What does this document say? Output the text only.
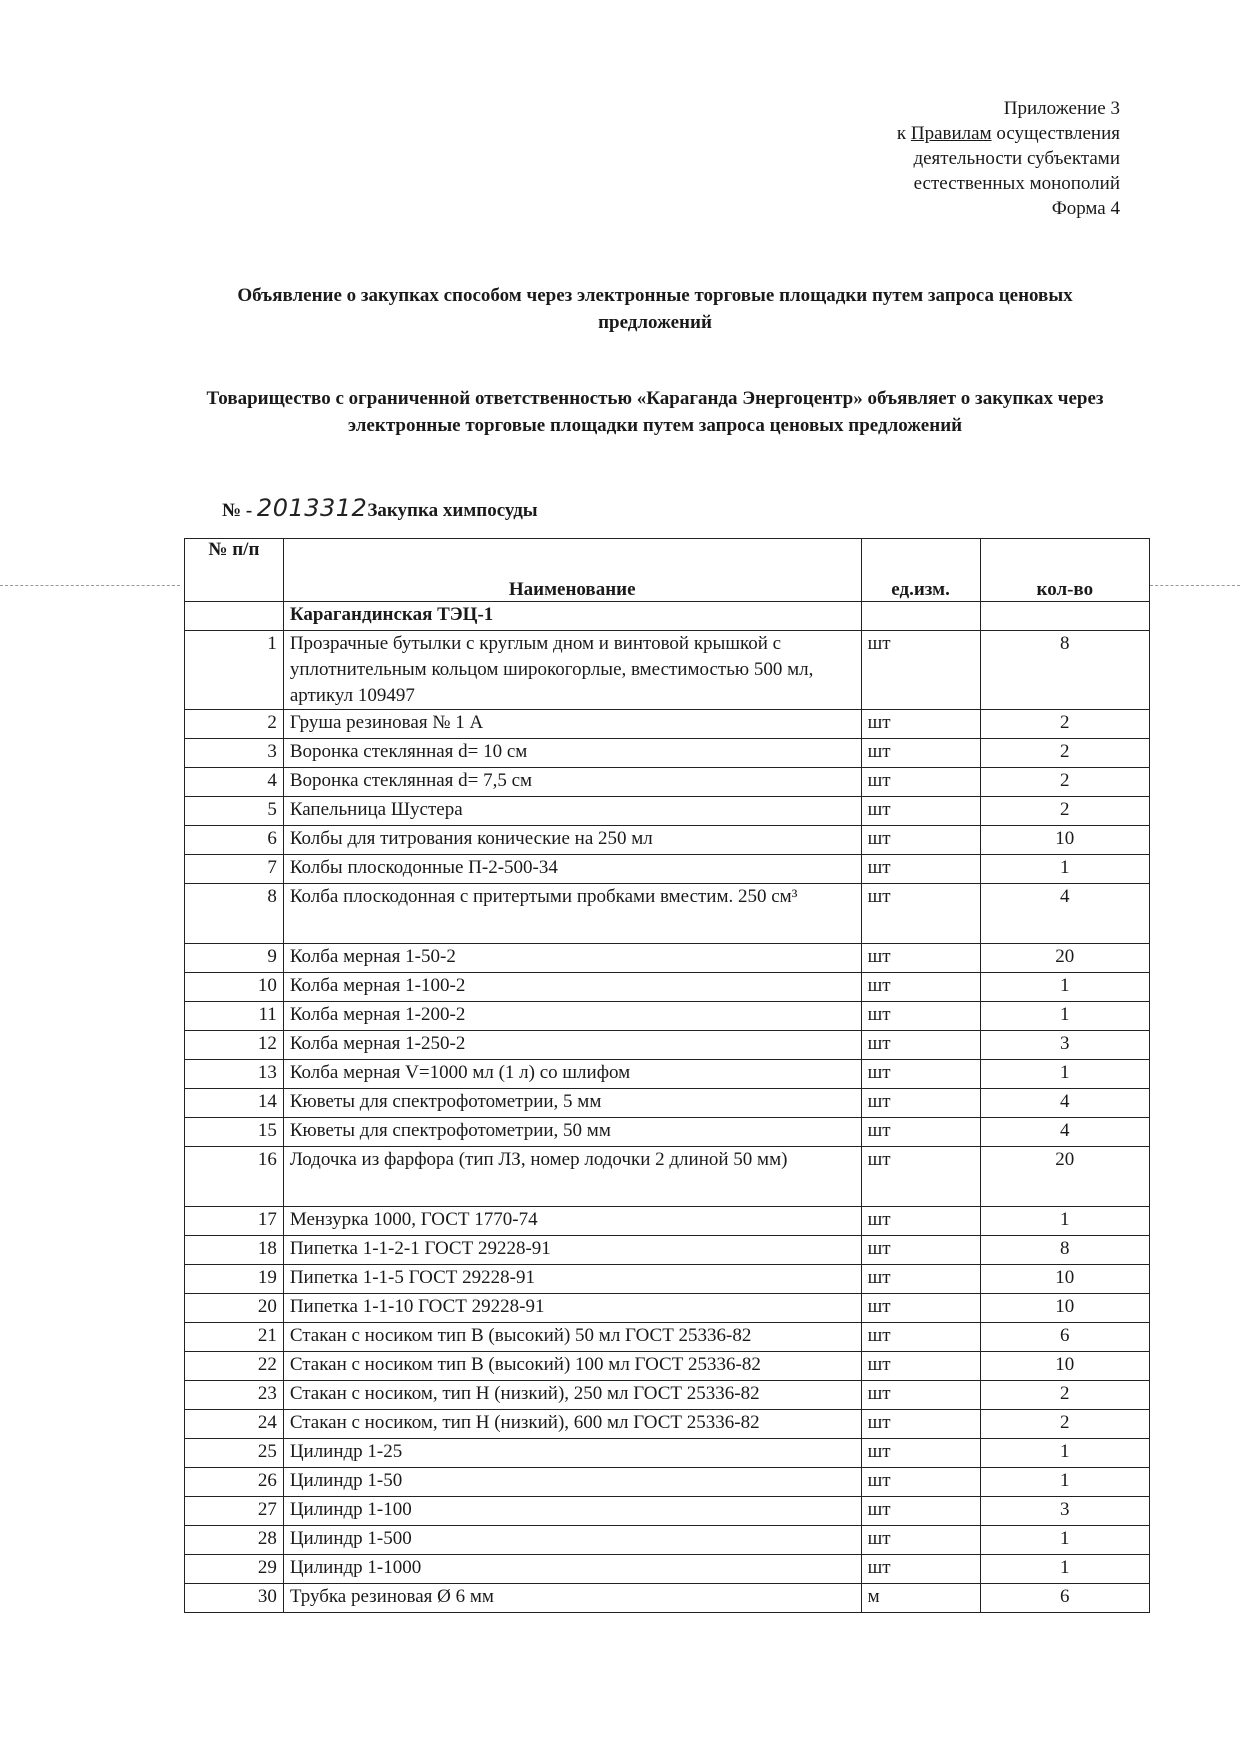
Приложение 3
к Правилам осуществления
деятельности субъектами
естественных монополий
Форма 4
Объявление о закупках способом через электронные торговые площадки путем запроса ценовых предложений
Товарищество с ограниченной ответственностью «Караганда Энергоцентр» объявляет о закупках через электронные торговые площадки путем запроса ценовых предложений
№ - 2013312Закупка химпосуды
№ п/п	Наименование	ед.изм.	кол-во
	Карагандинская ТЭЦ-1		
1	Прозрачные бутылки с круглым дном и винтовой крышкой с уплотнительным кольцом широкогорлые, вместимостью 500 мл, артикул 109497	шт	8
2	Груша резиновая № 1 А	шт	2
3	Воронка стеклянная d= 10 см	шт	2
4	Воронка стеклянная d= 7,5 см	шт	2
5	Капельница Шустера	шт	2
6	Колбы для титрования конические на 250 мл	шт	10
7	Колбы плоскодонные П-2-500-34	шт	1
8	Колба плоскодонная с притертыми пробками вместим. 250 см³	шт	4
9	Колба мерная 1-50-2	шт	20
10	Колба мерная 1-100-2	шт	1
11	Колба мерная 1-200-2	шт	1
12	Колба мерная 1-250-2	шт	3
13	Колба мерная V=1000 мл (1 л) со шлифом	шт	1
14	Кюветы для спектрофотометрии, 5 мм	шт	4
15	Кюветы для спектрофотометрии, 50 мм	шт	4
16	Лодочка из фарфора (тип ЛЗ, номер лодочки 2 длиной 50 мм)	шт	20
17	Мензурка 1000, ГОСТ 1770-74	шт	1
18	Пипетка 1-1-2-1 ГОСТ 29228-91	шт	8
19	Пипетка 1-1-5 ГОСТ 29228-91	шт	10
20	Пипетка 1-1-10 ГОСТ 29228-91	шт	10
21	Стакан с носиком тип В (высокий) 50 мл ГОСТ 25336-82	шт	6
22	Стакан с носиком тип В (высокий) 100 мл ГОСТ 25336-82	шт	10
23	Стакан с носиком, тип Н (низкий), 250 мл ГОСТ 25336-82	шт	2
24	Стакан с носиком, тип Н (низкий), 600 мл ГОСТ 25336-82	шт	2
25	Цилиндр 1-25	шт	1
26	Цилиндр 1-50	шт	1
27	Цилиндр 1-100	шт	3
28	Цилиндр 1-500	шт	1
29	Цилиндр 1-1000	шт	1
30	Трубка резиновая Ø 6 мм	м	6
